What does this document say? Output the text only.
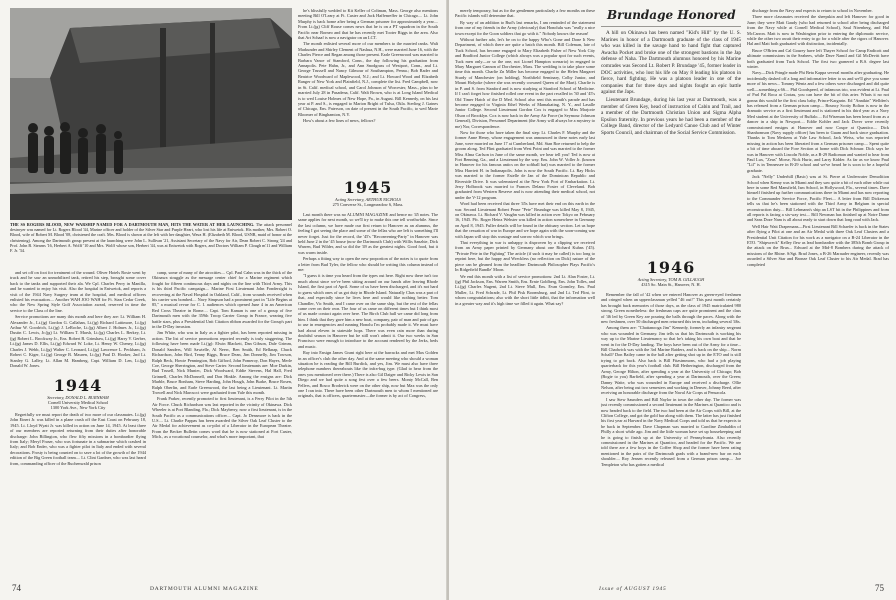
THE SS ROGERS BLOOD, NEW WARSHIP NAMED FOR A DARTMOUTH MAN, HITS THE WATER AT HER LAUNCHING. The attack personnel destroyer was named for Lt. Rogers Blood '44, Marine officer and holder of the Silver Star and Purple Heart, who lost his life at Eniwetok. His mother, Mrs. Robert O. Blood, wife of Robert M. Blood '08, christened the craft. Mrs. Blood is shown at the left with her daughter, Wava H. (Elizabeth M. Blood, USNR, maid of honor at the christening). Among the Dartmouth group present at the launching were John L. Sullivan '21, Assistant Secretary of the Navy for Air, Dean Robert C. Strong '24 and Prof. John B. Stearns '16, Herbert A. Wolff '10 and Mrs. Wolff whose son, Herbert '44, was at Eniwetok with Rogers, and Doctors William P. Clough m'11 and William F. Jr. '34.

and set off on foot for treatment of the wound. Oliver Hotels Rosie went by truck and he saw an unmobilized tank, retired his step, brought some cover back to the tanks and supported their ala. We Cpl. Charles Perry in Manilla, and he wanted to enjoy his visit. Also the hospital in Eniwetok, and reports a visit of the 1944 Navy Surgery team at the hospital, and medical officers enlisted his evacuation.... Another WAH JOO WAH for Ft. Stan Cedar Creek, who the New Spring Style Golf Association award, reserved in time the service to the Class of the line.

Service promotions are many this month and here they are: Lt. William H. Alexander Jr., Lt.(jg) Gordon G. Callahan, Lt.(jg) Richard Lattimore, Lt.(jg) Arthur W. Goodrich, Lt.(jg) J. LeRoche, Lt.(jg) Albert J. Holmes Jr., Lt.(jg) Dustin C. Lewis, Jr.(jg) Lt. William T. Marsh, Lt.(jg) Charles L. Berkey, Lt.(jg) Robert L. Brockway Jr., Ens. Robert B. Grinshaw, Lt.(jg) Harry V. Gerber, Lt.(jg) James D. Ellis, Lt.(jg) Edward W. Loke, Lt. Henry W. Cheney, Lt.(jg) Charles J. Webb, Lt.(jg) Walter C. Leonard, Lt.(jg) Lawrence L. Peckham, Jr. Robert C. Kiger, Lt.(jg) George B. Mauren, Lt.(jg) Paul D. Hooker, 2nd Lt. Stanley G. Lalley, Lt. Allan M. Hamberg, Capt. William D. Len, Lt.(jg) Donald W. Jones.

1944
Secretary, DONALD L. BURNHAM
Cornell University Medical School
1300 York Ave., New York City

Regretfully we must report the death of two more of our classmates. Lt.(jg) John Einert Jr. was killed in a plane crash off the East Coast on February 18, 1945. Lt. Lloyd Wyatt Jr. was killed in action on June 14, 1945. At least three of our members are reported returning from their duties after honorable discharge: John Billington, who flew fifty missions in a bombardier flying from Italy; Meryl Fraser, who was fortunate in a submarine which crashed in Italy; and Bob Ender, who was a fighter pilot in Italy and ended with several decorations. Frosty is being counted on to save a lot of the growth of the 1944 edition of the Big Green football team.... Lt. Clint Gardner, who was last heard from, commanding officer of the Buchenwald prison

camp, some of many of the atrocities.... Cpl. Paul Cahn was in the thick of the Okinawa struggle as the message center chief for a Marine regiment which fought for fifteen continuous days and nights on the line with Third Army. This is his third Pacific campaign.... Marine First Lieutenant John Fondersight is recovering at the Naval Hospital in Oakland, Calif., from wounds received when his carrier was bombed.... Navy Simpson had a prominent part in "Life Begins at 85," a musical revue for C. I. audiences which opened June 4 in an American Red Cross Theatre in Rome.... Capt. Tom Kaman is one of a group of five Dartmouth men with the 359th Troop Carrier Group in France, wearing five battle stars, plus a Presidential Unit Citation ribbon awarded for the Group's part in the D-Day invasion.

Jim White, who was in Italy as a fighter pilot, has been reported missing in action. The list of service promotions reported recently is truly staggering. The following have been made Lt.(jg): Elwin Blackett, Dan Gibson, Dale Grimm, Donald Sanders, Will Sawtelle, Al Neerc, Ben Smith, Ed Belknap, Chuck Richardson, John Bird, Tenny Biggs, Bruce Dean, Jim Donnelly, Jim Towson, Ralph Beck, Howie Pennington, Bob Gifford, John Pomeroy, Don Hayes, Merle Coe, George Sherrington, and Steve Carter. Second lieutenants are: Moe Durkin, Bud Trusell, Nick Muniec, Dick Woodward, Eddie Stevens, Hal Hall, Fred Grinnell, Charles McDonnell, and Don Hinkle. Among the ensigns are: Dick Marble, Bruce Bonham, Steve Harding, John Hough, John Burke, Bruce Rosen, Ralph Oberlin, and Earle Greenwood, the last being a Lieutenant. Lt. Martin Trowell and Nick Marcucci were graduated from Yale this month.

Frank Parker, recently promoted to first lieutenant, is a Ferry Pilot in the 5th Air Force. Chuck Richardson was last reported in the vicinity of Okinawa. Dick Wheeler is at Port Blanding, Fla.; Dick Mayberry, now a first lieutenant, is in the South Pacific as a communications officer.... Capt. Jo Densmore is back in the U.S.... Lt. Charlie Pappas has been awarded the Silver Oak Leaf Cluster to the Air Medal for achievement as co-pilot of a Liberator in the European Theatre. From the Becker Bulletin comes word that he is now stationed at Fort Custer, Mich., as a vocational counselor, and what's more important, that

he's blissfully wedded to Kit Keller of Coltman, Mass. George also mentions meeting Bill O'Leary at Ft. Custer and Jack Haffenreffer in Chicago.... Lt. John Murphy is back home after being a German prisoner for approximately a year.... From Lt.(jg) Cliff Rouse comes news that he is on a PT squadron in the South Pacific near Borneo and that he has recently met Tooter Riggs in the area. Also that Art Schaaf is now a navigator on an LCT.

The month enlisted several more of our members to the married ranks. Walt Markunder and Shirley Clement of Nashua, N.H., were married June 16, with the Charles Pierce and Regan among those present. Earle Greenwood was married to Barbara Vance of Stamford, Conn., the day following his graduation from Annapolis. Pete Hahn, Jr., and Ann Snodgrass of Westport, Conn., and Lt. George Trussell and Nancy Gilmour of Southampton, Penna.; Bob Rader and Beatrice Woodward of Maplewood, N.J.; and Lt. Howard Wood and Elizabeth Ranger of New York and Plainfield, N.J., complete the list. Fred Campbell, now in St. Calif. medical school, and Carol Johnson of Worcester, Mass., plan to be married July 28 in Pasadena, Calif. Walt Brown, who is at Long Island Medical is to wed Louise Holmes of New Hope, Pa., in August. Bill Kennedy, on his last year at P. and S., is engaged to Marion Bright of Tulsa, Okla. Sterling J. Gaines of Chicago, Ens. Paterson, on date of present in the South Pacific, to wed Marie Bloomer of Binghamton, N.Y.

How's about a few lines of news, fellows?

1945
Acting Secretary, ARTHUR NICHOLS
275 Converse St., Longmeadow 6, Mass.

Last month there was no ALUMNI MAGAZINE and hence no '45 notes. The same applies for next month, so we'll try to make this one tell worthwhile. Since the last column, we have made our first return to Hanover as an alumnus, the feeling I got seeing the place and some of the fellas who are left is something I'll never forget. Just for the record, the '45's "Reconvening-Party" in Hanover was held June 2 in the '45 house (now the Dartmouth Club) with Willis Sanzhie, Dick Warren, Bud Wilder, and so did the '49 as the greatest nights. Good food, but it was warm inside.

Perhaps a fitting way to open the new proportion of the notes is to quote from a letter from Bud Tyler, the fellow who should be writing this column instead of me:

"I guess it is time you heard from the types out here. Right now there isn't too much about since we've been sitting around on our hands after leaving Rhode Island, the first part of April. Some of us have been discharged, and it's not hard to guess which ones of us got duty in Rhode Island. Naturally Chas was a part of that, and especially since he lives here and would like nothing better. Tom Chandler, Vic Smith, and I came over on the same ship, but the rest of the fellas came over on their own. The four of us came on different times but I think most of us made contact again over here. The Birch Club hall we came did long from him. I think that they gave him a new boat, company, pair of man and pair of gas to use in emergencies and running Honolu I'm probably made it. We must have had about eleven in stateside hops. There was even rain more than during doubtful season in Hanover but he still won't admit it. Our two weeks in San Francisco were enough to introduce to the account rendered by the Jerks, beds and music.

Ray into Ensign James Grant right here at the barracks and met Max Golden in an officer's club the other day. And at the same meeting who should a woman situation he is reading the Bill Burdick, and yes, Jim. We must also have three telephone numbers thereabouts like the infra-bug type. (Glad to hear from the ones you mentioned over there.) There is also Gil Daiger and Ricky Lewis in San Diego and we had quite a song fest over a few beers. Monty McCall, Ben Fellers, and Bosco Broderick were on the other ship, now but Max was the only one I ran into. There have been other Dartmouth men to whom I mentioned are originals, that is officers, quartermaster—the former is by act of Congress,

74	DARTMOUTH ALUMNI MAGAZINE

merely temporary, but as for the gentlemen particularly a few months on these Pacific islands will determine that.

By way of an addition to Bud's last remarks, I am reminded of the statement from one of my friends in the Army (obviously) that Honolulu was "really a nice town except for the Goon soldiers that go with it." Nobody knows the reason!

Without further ado, let's be on to the happy Who's Gone and Done It New Department, of which there are quite a batch this month. Bill Coleman, late of Tuck School, has become engaged to Mary Elizabeth Fisher of New York City and Bradford Junior College (which always was a popular spot for such events, Tuck men only—or so the one, not Lionel Hampton scenario) in engaged to Mary Margaret Cannon of Dorchester, Mass. The wedding is to take place some time this month. Charlie Zn Miller has become engaged to the Helen Margaret Sturdy of Manchester (on holding), Northfield Seminary, Colby Junior, and Mount Holyoke (where she was recently crowned Queen of the Mart). Charlie is in P. and S. from Stanford and is now studying at Stanford School of Medicine. If I can't forget how finished rolled one event in the part recalled in '30 and '45's Old Timer Hatch of the D Med. School also sent this month's parade and has become engaged to Virginia Ethel Weeks of Mamakating, N. Y., and Lasalle Junior College. Second Lieutenant Gordon Cox is engaged to Miss Marjorie Olson of Brooklyn. Cox is now back in the Army Air Force (in Seymour Johnson General), Division, Personnel Department (the Army will always be a mystery to me) Nor, Correspondence.

Now for those who have taken the final step: Lt. Charles F. Murphy and the former Anne Henry, whose engagement was announced in these notes early last June, were married on June 17 at Cumberland, Md. Stan Roe returned to help the groom along. Ted Flint graduated from West Point and was married to the former Miss Alma Carlson in June of the same month, we hear tell you! Ted is now at Fort Benning, Ga., and a Lieutenant by the way. Ens. John W. Voller Jr. (known in Hanover for his famous antics on the softball bat) was married to the former Miss Harriett H. in Indianapolis. John is now the South Pacific. Lt. Ray Hicks was married to the former Estelle de Jan of the Dominican Republic and Riverside Drive. It was solemnized at the New York Port of Embarkation. Lt. Jerry Holbrook was married to Frances Delano Foster of Cleveland. Bob graduated from Western Reserve and is now attending their medical school, not under the V-12 program.

Word had been received that three '45s have met their end on this earth in the war. Second Lieutenant Robert Pease "Pete" Brundage was killed May 8, 1945, on Okinawa. Lt. Richard V. Vaughn was killed in action over Tokyo on February 16, 1945. Pfc. Roger Heinz Webster was killed in action somewhere in Germany on April 8, 1945. Fuller details will be found in the obituary section. Let us hope that the cessation of war in Europe and we hope again with the soon-coming war with Japan will stop this wastage and sorrow which war brings.

That everything in war is unhappy is disproven by a clipping we received from an Army paper printed by Germany about one Richard Kuhns ('45). "Private Pete in the Fighting" The article (if such it may be called) is too long to reprint here, but the happy and Wreckless (no reflection on Dick) nature of the piece can be gleaned from the headline: Dartmouth Philosopher Plays Pacific's In Ridgefield Bundle' Moon.

We end this month with a list of service promotions: 2nd Lt. Alan Foster, Lt.(jg) Phil Jackson, Ens. Warren Smith, Ens. Ernie Goldberg, Ens. John Tolles, and Lt.(jg) Charles Nugent, 2nd Lt. Steve Mull, Ens. Evan Gormley, Ens. Paul Muller, Lt. Fred Schrade, Lt. Phil Pisk Boomsburg, and 2nd Lt. Ted Flint, to whom congratulations; also with the short little tidbit, that the information well in a greater way and it's high time we filled it again. What say?

Brundage Honored

A hill on Okinawa has been named "Kid's Hill" by the U. S. Marines in honor of a Dartmouth graduate of the class of 1945 who was killed in the savage hand to hand fight that captured Awacha Pocket and broke one of the strongest bastions in the Jap defense of Naha. The Dartmouth alumnus honored by his Marine comrades was Second Lt. Robert P. Brundage '45, former leader in DOC activities, who lost his life on May 8 leading his platoon in fierce, hard fighting. He was a platoon leader in one of the companies that for three days and nights fought an epic battle against the Japs.

Lieutenant Brundage, during his last year at Dartmouth, was a member of Green Key, head of instruction of Cabin and Trail, and a member of the Dartmouth Christian Union and Sigma Alpha Epsilon fraternity. In previous years he had been a member of the College Band, director of the Ledyard Canoe Club and of Winter Sports Council, and chairman of the Social Service Commission.

1946
Acting Secretary, TOM B. GILLAUGH
4315 So. Main St., Hanover, N. H.

Remember the fall of '42 when we entered Hanover as green-eyed freshmen and cringed when an upperclassman yelled "46 out!" This past month certainly has brought back memories of those days, as the class of 1945 matriculated 980 strong. Green nonetheless: the freshman caps are quite prominent and the class of '46 led by Green Key are pouring the balls through the paces. Along with the new freshmen, over 50 discharged men returned this term, including several '46s.

Among them are: "Chattanooga Jim" Kennedy, formerly an infantry sergeant who was wounded in Germany. Jim tells us that his Dartmouth is working his way up to the Marine Lieutenancy so that he's taking his own boat and that he went in for the D-Day landing. The boys have been out of the Army for a time... Bill Chadwick was with the 3rd Marine Raiders, and is back on the ship... Norm Schall? Don Bailey came in the hall after getting shot up in the ETO and is still trying to get back. Also back is Bill Fitzsimmons, who had a job playing quarterback for this year's football club. Bill Hetherington, discharged from the Army, George Hilton, after spending a year at the University of Chicago; Bob (Bogie to you) Barfield, after spending a year at Dartmouth, over the Green; Danny Waite, who was wounded in Europe and received a discharge. Ollie Nelson, after being out two semesters and working in Denver, Johnny Reed, after receiving an honorable discharge from the Naval Air Corps at Pensacola.

I saw Stew Saunders and Bill Naylor in town the other day. The former was just recently commissioned a second lieutenant in the Marines at Quantico and is now headed back to the field. The two had been at the Air Corps with Bill, at the Clifton College, and got the gold bar along with them. The latter has just finished his first year at Harvard in the Navy Medical Corps and told us that he expects to be back in September. Dave Chapman was married to Caroline Zimhaldin of Philly a short while ago. Jim and the little woman have set up housekeeping and he is going to finish up at the University of Pennsylvania. Also recently commissioned in the Marines at Quantico, and headed for the Pacific. We are told there are a few boys in the Coffee Shop and the former have been rating mentioned in the pairs of the Dartmouth grads with a brand-new bar on each shoulder.... Roy Jensen recently released from a German prison camp.... Joe Templeton who has gotten a medical

discharge from the Navy and expects to return to school in November.

Three more classmates received the sheepskin and left Hanover for good in June; they were Matt Gaudy (who had returned to school after being discharged from the Navy while at Cornell Medical School), Saul Nirenberg, and Hal McCarron. Matt is now in Washington prior to entering the diplomatic service, while the other two await their entry to go for a while after the rigors of Hanover. Hal and Matt both graduated with distinction, incidentally.

Bruce O'Brien and Cal Gourey have left Thayer School for Camp Endicott and ultimate commissions in the Seabees, while Dave Namil and Gil McDevitt have both graduated from Tuck School. The first two garnered a B.S. degree last winter.

Navy—Dick Pringle made Phi Beta Kappa several months after graduating. He incidentally dashed off a long and informative letter to us and we'll give you some more of his news... Tommy Wentz and a few others were discharged and did quite well—something a 66.... Phil Goodspeed, of infamous trio, was evident at Lt. Paul of Parl Pal Roca at Crotau, you can have the bit of this arter. Whats it no not gonna this would be the first class baby, Prince-Kargarin. Ed "Annikin" Wellden's has released from a German prison camp.... Bouncy Scotty Bolton is now in the dramatic service as a first lieutenant and is stationed in his third year as a Navy Med student at the University of Buffalo.... Ed Wiseman has been heard from as a dancer in a ship in Newport.... Eddie Kohler and Jack Dover were recently commissioned ensigns at Hanover and now Coupe at Quantico.... Dick Shanhomson (Navy supply officer) has been to Guam and back since graduation. Thanks to Tom Meskens at Yale Law School, Jack Weiss, who was reported missing in action has been liberated from a German prisoner camp.... Spent quite a bit of time aboard the Fore Section at home with Dick Schnurr. Dick says he was in Hanover with Lincoln Noble, as a B-29 Radioman and wanted to hear from Paul Lux, "Zeus" Morse, Nick Hurtz, and Larry Kidder. As far as we know Paul "Lil" is in Tennessee in B-29 school and we've heard he is soon to be a hopeful graduate.

Jack "Nelly" Underhill (Basic) was at St. Pierre at Underwater Demolition School when Kenny was in Miami and they saw quite a bit of each other while out here in some Red Mansfield, Ism School, in Hollywood, Fla., several times. Dave himself finished up further communications there in Miami and has now reporting to the Commander Service Force, Pacific Fleet.... A letter from Bill Dickerson tells us that he's been stationed with the Third Army in Belgium in special reconstruction duty.... Bill Lehmann's ship an LST hit in the Philippines and from all reports is facing a six-way test.... Bill Newman has finished up at Notre Dame and Sans Doze Nam is all about ready to start down that long road with Jack.

Well Hair Wait Drapemans—First Lieutenant Bill Schaefer is back in the States after flying a Pilot at one and an Air Medal with three Oak Leaf Clusters and a Presidential Unit Citation for his work as a navigator on a B-24 Liberator in the ETO. "Shipwreck" Kelley flew as lead bombardier with the 385th Bomb Group in the attack on the Brux... Edward at the Mid-8 Bombers during the attack of missions of the Rhine. S/Sgt. Brad Jones, a B-26 Marauder engineer, recently was awarded a Silver Star and Bronze Oak Leaf Cluster to his Air Medal. Brad has completed

Issue of AUGUST 1945	75
